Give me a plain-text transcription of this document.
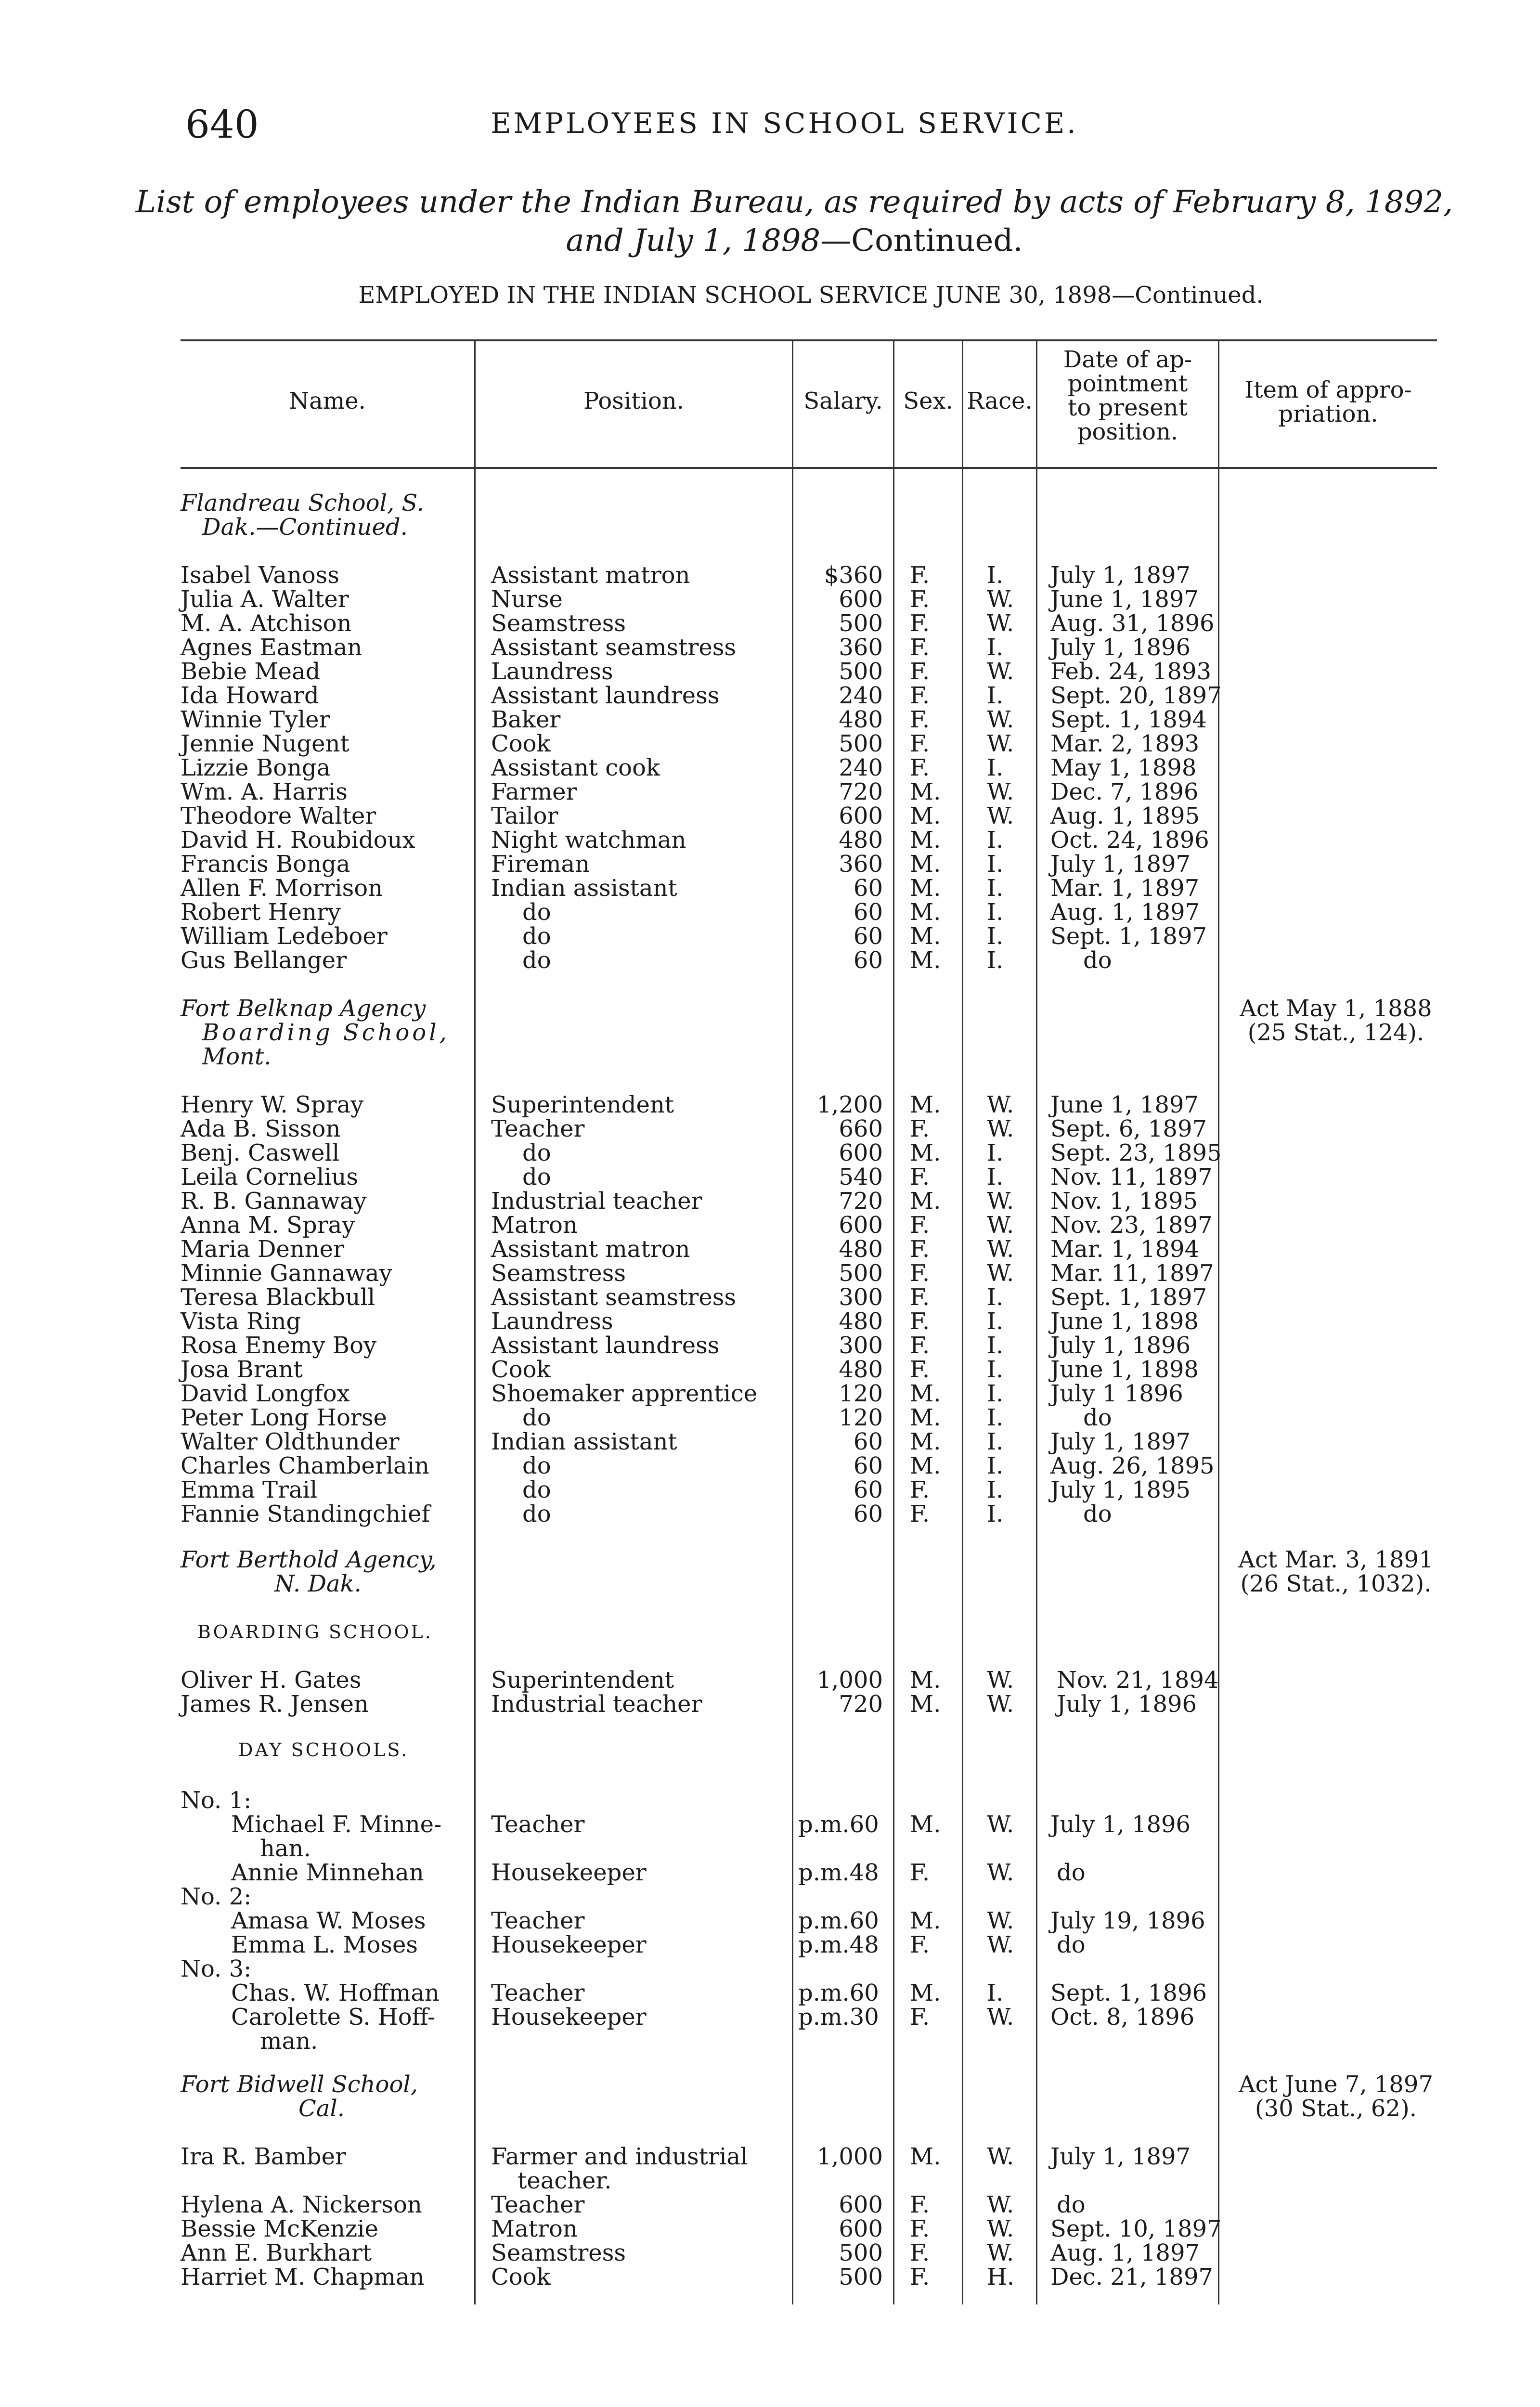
640	EMPLOYEES IN SCHOOL SERVICE.
List of employees under the Indian Bureau, as required by acts of February 8, 1892,
and July 1, 1898—Continued.
EMPLOYED IN THE INDIAN SCHOOL SERVICE JUNE 30, 1898—Continued.
Name.	Position.	Salary. Sex. Race.
Date of ap-
pointment
to present
position.
Item of appro-
priation.
Flandreau School, S.
Dak.—Continued.
Isabel Vanoss	Assistant matron	$360 F. I. July 1, 1897
Julia A. Walter	Nurse	600 F. W. June 1, 1897
M. A. Atchison	Seamstress	500 F. W. Aug. 31, 1896
Agnes Eastman	Assistant seamstress	360 F. I. July 1, 1896
Bebie Mead	Laundress	500 F. W. Feb. 24, 1893
Ida Howard	Assistant laundress	240 F. I. Sept. 20, 1897
Winnie Tyler	Baker	480 F. W. Sept. 1, 1894
Jennie Nugent	Cook	500 F. W. Mar. 2, 1893
Lizzie Bonga	Assistant cook	240 F. I. May 1, 1898
Wm. A. Harris	Farmer	720 M. W. Dec. 7, 1896
Theodore Walter	Tailor	600 M. W. Aug. 1, 1895
David H. Roubidoux	Night watchman	480 M. I. Oct. 24, 1896
Francis Bonga	Fireman	360 M. I. July 1, 1897
Allen F. Morrison	Indian assistant	60 M. I. Mar. 1, 1897
Robert Henry	do	60 M. I. Aug. 1, 1897
William Ledeboer	do	60 M. I. Sept. 1, 1897
Gus Bellanger	do	60 M. I.	do
Fort Belknap Agency	Act May 1, 1888
Boarding School,	(25 Stat., 124).
Mont.
Henry W. Spray	Superintendent	1,200 M. W. June 1, 1897
Ada B. Sisson	Teacher	660 F. W. Sept. 6, 1897
Benj. Caswell	do	600 M. I. Sept. 23, 1895
Leila Cornelius	do	540 F. I. Nov. 11, 1897
R. B. Gannaway	Industrial teacher	720 M. W. Nov. 1, 1895
Anna M. Spray	Matron	600 F. W. Nov. 23, 1897
Maria Denner	Assistant matron	480 F. W. Mar. 1, 1894
Minnie Gannaway	Seamstress	500 F. W. Mar. 11, 1897
Teresa Blackbull	Assistant seamstress	300 F. I. Sept. 1, 1897
Vista Ring	Laundress	480 F. I. June 1, 1898
Rosa Enemy Boy	Assistant laundress	300 F. I. July 1, 1896
Josa Brant	Cook	480 F. I. June 1, 1898
David Longfox	Shoemaker apprentice	120 M. I. July 1 1896
Peter Long Horse	do	120 M. I.	do
Walter Oldthunder	Indian assistant	60 M. I. July 1, 1897
Charles Chamberlain	do	60 M. I. Aug. 26, 1895
Emma Trail	do	60 F. I. July 1, 1895
Fannie Standingchief	do	60 F. I.	do
Fort Berthold Agency,	Act Mar. 3, 1891
N. Dak.	(26 Stat., 1032).
BOARDING SCHOOL.
Oliver H. Gates	Superintendent	1,000 M. W. Nov. 21, 1894
James R. Jensen	Industrial teacher	720 M. W. July 1, 1896
DAY SCHOOLS.
No. 1:
Michael F. Minne- Teacher	p.m.60 M. W. July 1, 1896
han.
Annie Minnehan	Housekeeper	p.m.48 F. W. do
No. 2:
Amasa W. Moses	Teacher	p.m.60 M. W. July 19, 1896
Emma L. Moses	Housekeeper	p.m.48 F. W. do
No. 3:
Chas. W. Hoffman Teacher	p.m.60 M. I. Sept. 1, 1896
Carolette S. Hoff- Housekeeper	p.m.30 F. W. Oct. 8, 1896
man.
Fort Bidwell School,	Act June 7, 1897
Cal.	(30 Stat., 62).
Ira R. Bamber	Farmer and industrial	1,000 M. W. July 1, 1897
teacher.
Hylena A. Nickerson	Teacher	600 F. W. do
Bessie McKenzie	Matron	600 F. W. Sept. 10, 1897
Ann E. Burkhart	Seamstress	500 F. W. Aug. 1, 1897
Harriet M. Chapman	Cook	500 F. H. Dec. 21, 1897
